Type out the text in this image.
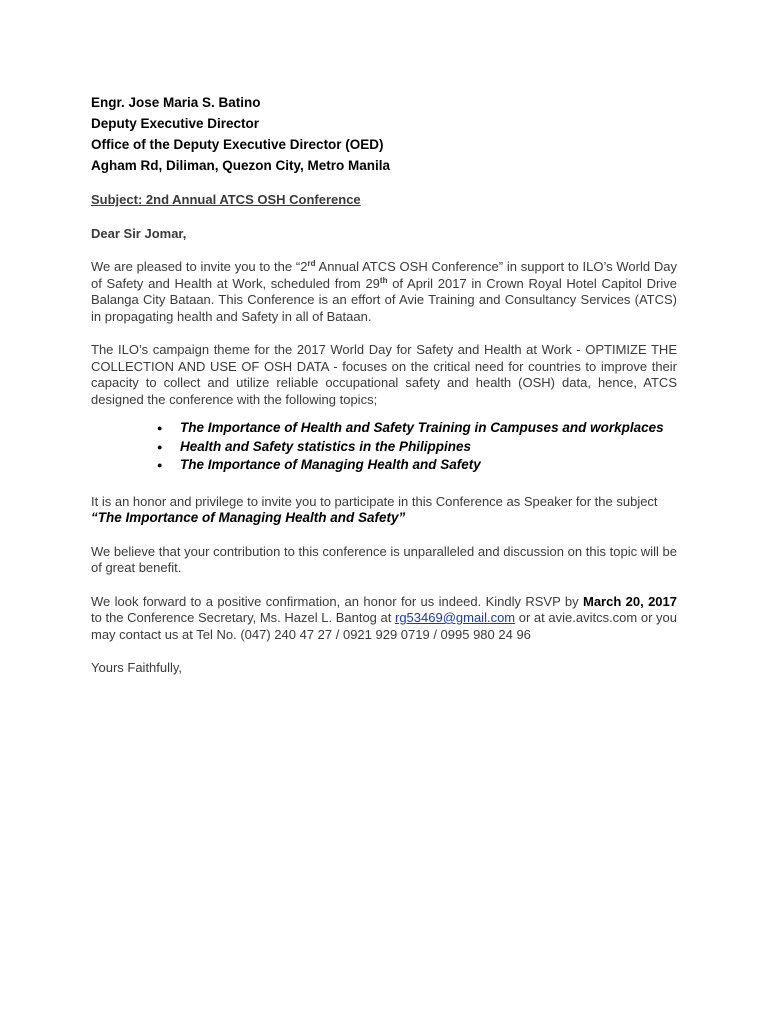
Engr. Jose Maria S. Batino

Deputy Executive Director

Office of the Deputy Executive Director (OED)

Agham Rd, Diliman, Quezon City, Metro Manila

Subject: 2nd Annual ATCS OSH Conference
Dear Sir Jomar,

We are pleased to invite you to the “2rd Annual ATCS OSH Conference” in support to ILO’s World Day of Safety and Health at Work, scheduled from 29th of April 2017 in Crown Royal Hotel Capitol Drive Balanga City Bataan. This Conference is an effort of Avie Training and Consultancy Services (ATCS) in propagating health and Safety in all of Bataan.

The ILO’s campaign theme for the 2017 World Day for Safety and Health at Work - OPTIMIZE THE COLLECTION AND USE OF OSH DATA - focuses on the critical need for countries to improve their capacity to collect and utilize reliable occupational safety and health (OSH) data, hence, ATCS designed the conference with the following topics;

● The Importance of Health and Safety Training in Campuses and workplaces
● Health and Safety statistics in the Philippines
● The Importance of Managing Health and Safety

It is an honor and privilege to invite you to participate in this Conference as Speaker for the subject
“The Importance of Managing Health and Safety”

We believe that your contribution to this conference is unparalleled and discussion on this topic will be of great benefit.

We look forward to a positive confirmation, an honor for us indeed. Kindly RSVP by March 20, 2017 to the Conference Secretary, Ms. Hazel L. Bantog at rg53469@gmail.com or at avie.avitcs.com or you may contact us at Tel No. (047) 240 47 27 / 0921 929 0719 / 0995 980 24 96

Yours Faithfully,
